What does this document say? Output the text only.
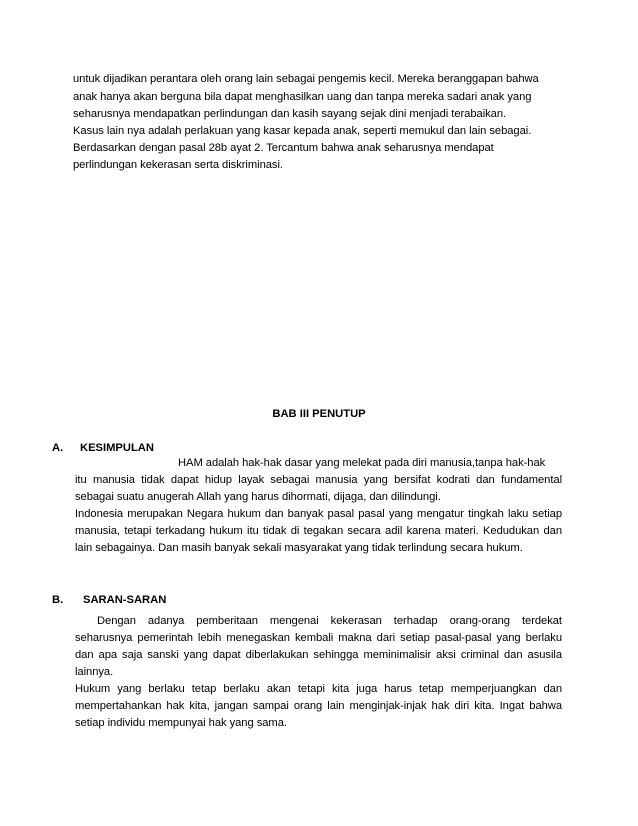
untuk dijadikan perantara oleh orang lain sebagai pengemis kecil. Mereka beranggapan bahwa
anak hanya akan berguna bila dapat menghasilkan uang dan tanpa mereka sadari anak yang
seharusnya mendapatkan perlindungan dan kasih sayang sejak dini menjadi terabaikan.
Kasus lain nya adalah perlakuan yang kasar kepada anak, seperti memukul dan lain sebagai.
Berdasarkan dengan pasal 28b ayat 2. Tercantum bahwa anak seharusnya mendapat
perlindungan kekerasan serta diskriminasi.
BAB III PENUTUP
A. KESIMPULAN
HAM adalah hak-hak dasar yang melekat pada diri manusia,tanpa hak-hak
itu manusia tidak dapat hidup layak sebagai manusia yang bersifat kodrati dan fundamental
sebagai suatu anugerah Allah yang harus dihormati, dijaga, dan dilindungi.
Indonesia merupakan Negara hukum dan banyak pasal pasal yang mengatur tingkah laku setiap
manusia, tetapi terkadang hukum itu tidak di tegakan secara adil karena materi. Kedudukan dan
lain sebagainya. Dan masih banyak sekali masyarakat yang tidak terlindung secara hukum.
B. SARAN-SARAN
Dengan adanya pemberitaan mengenai kekerasan terhadap orang-orang terdekat
seharusnya pemerintah lebih menegaskan kembali makna dari setiap pasal-pasal yang berlaku
dan apa saja sanski yang dapat diberlakukan sehingga meminimalisir aksi criminal dan asusila
lainnya.
Hukum yang berlaku tetap berlaku akan tetapi kita juga harus tetap memperjuangkan dan
mempertahankan hak kita, jangan sampai orang lain menginjak-injak hak diri kita. Ingat bahwa
setiap individu mempunyai hak yang sama.
